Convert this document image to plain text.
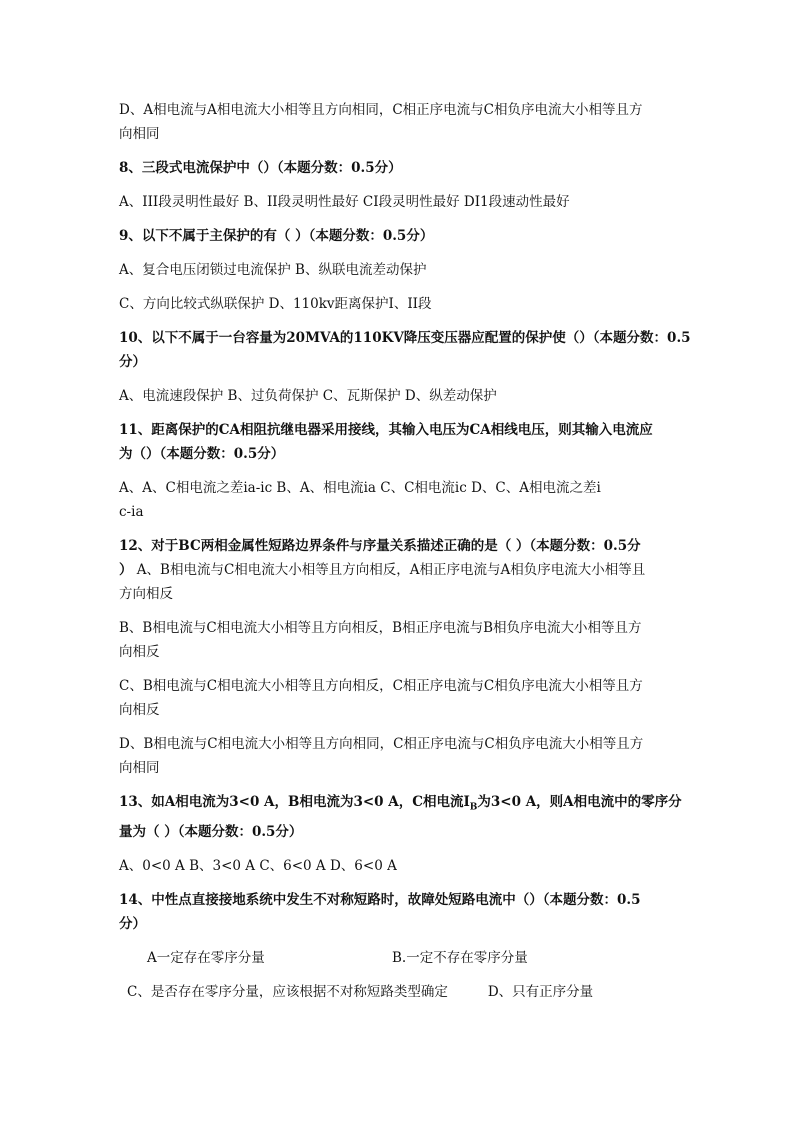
D、A相电流与A相电流大小相等且方向相同，C相正序电流与C相负序电流大小相等且方

向相同

8、三段式电流保护中（）（本题分数：0.5分）

A、III段灵明性最好 B、II段灵明性最好 CI段灵明性最好 DI1段速动性最好

9、以下不属于主保护的有（ ）（本题分数：0.5分）

A、复合电压闭锁过电流保护 B、纵联电流差动保护

C、方向比较式纵联保护 D、110kv距离保护I、II段

10、以下不属于一台容量为20MVA的110KV降压变压器应配置的保护使（）（本题分数：0.5

分）

A、电流速段保护 B、过负荷保护 C、瓦斯保护 D、纵差动保护

11、距离保护的CA相阻抗继电器采用接线，其输入电压为CA相线电压，则其输入电流应

为（）（本题分数：0.5分）

A、A、C相电流之差ia-ic B、A、相电流ia C、C相电流ic D、C、A相电流之差i

c-ia

12、对于BC两相金属性短路边界条件与序量关系描述正确的是（ ）（本题分数：0.5分

） A、B相电流与C相电流大小相等且方向相反，A相正序电流与A相负序电流大小相等且

方向相反

B、B相电流与C相电流大小相等且方向相反，B相正序电流与B相负序电流大小相等且方

向相反

C、B相电流与C相电流大小相等且方向相反，C相正序电流与C相负序电流大小相等且方

向相反

D、B相电流与C相电流大小相等且方向相同，C相正序电流与C相负序电流大小相等且方

向相同

13、如A相电流为3<0 A，B相电流为3<0 A，C相电流$I_B$为3<0 A，则A相电流中的零序分

量为（ ）（本题分数：0.5分）

A、0<0 A B、3<0 A C、6<0 A D、6<0 A

14、中性点直接接地系统中发生不对称短路时，故障处短路电流中（）（本题分数：0.5

分）

A一定存在零序分量	B.一定不存在零序分量

C、是否存在零序分量，应该根据不对称短路类型确定	D、只有正序分量
